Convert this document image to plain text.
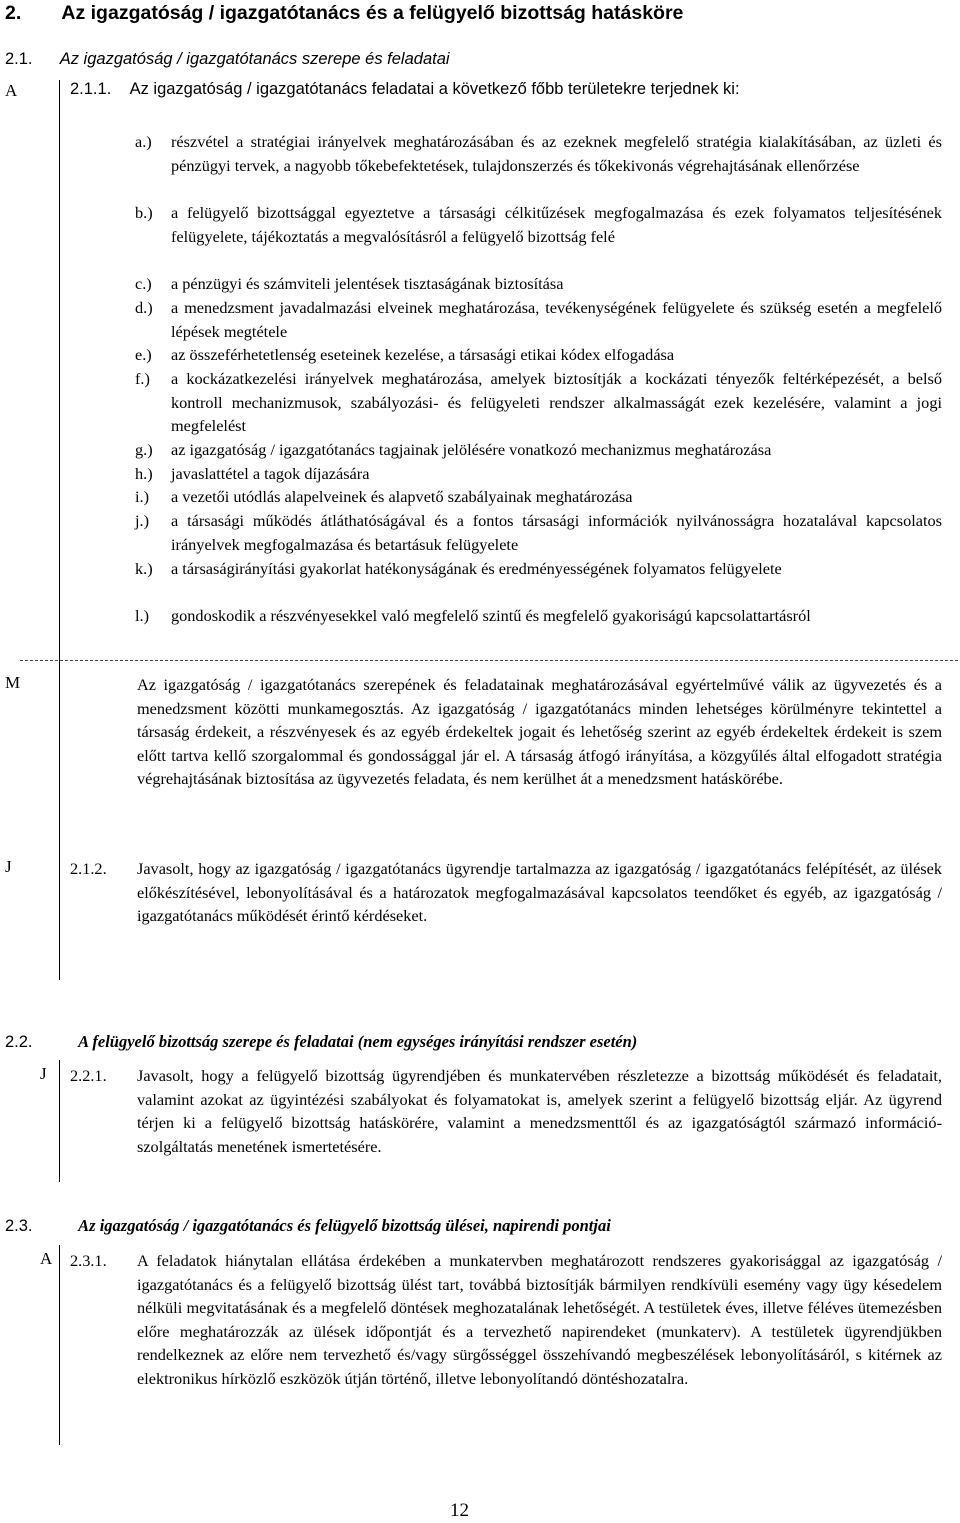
2. Az igazgatóság / igazgatótanács és a felügyelő bizottság hatásköre
2.1. Az igazgatóság / igazgatótanács szerepe és feladatai
A	2.1.1. Az igazgatóság / igazgatótanács feladatai a következő főbb területekre terjednek ki:
a.)	részvétel a stratégiai irányelvek meghatározásában és az ezeknek megfelelő stratégia kialakításában, az üzleti és pénzügyi tervek, a nagyobb tőkebefektetések, tulajdonszerzés és tőkekivonás végrehajtásának ellenőrzése
b.)	a felügyelő bizottsággal egyeztetve a társasági célkitűzések megfogalmazása és ezek folyamatos teljesítésének felügyelete, tájékoztatás a megvalósításról a felügyelő bizottság felé
c.)	a pénzügyi és számviteli jelentések tisztaságának biztosítása
d.)	a menedzsment javadalmazási elveinek meghatározása, tevékenységének felügyelete és szükség esetén a megfelelő lépések megtétele
e.)	az összeférhetetlenség eseteinek kezelése, a társasági etikai kódex elfogadása
f.)	a kockázatkezelési irányelvek meghatározása, amelyek biztosítják a kockázati tényezők feltérképezését, a belső kontroll mechanizmusok, szabályozási- és felügyeleti rendszer alkalmasságát ezek kezelésére, valamint a jogi megfelelést
g.)	az igazgatóság / igazgatótanács tagjainak jelölésére vonatkozó mechanizmus meghatározása
h.)	javaslattétel a tagok díjazására
i.)	a vezetői utódlás alapelveinek és alapvető szabályainak meghatározása
j.)	a társasági működés átláthatóságával és a fontos társasági információk nyilvánosságra hozatalával kapcsolatos irányelvek megfogalmazása és betartásuk felügyelete
k.)	a társaságirányítási gyakorlat hatékonyságának és eredményességének folyamatos felügyelete
l.)	gondoskodik a részvényesekkel való megfelelő szintű és megfelelő gyakoriságú kapcsolattartásról
M	Az igazgatóság / igazgatótanács szerepének és feladatainak meghatározásával egyértelművé válik az ügyvezetés és a menedzsment közötti munkamegosztás. Az igazgatóság / igazgatótanács minden lehetséges körülményre tekintettel a társaság érdekeit, a részvényesek és az egyéb érdekeltek jogait és lehetőség szerint az egyéb érdekeltek érdekeit is szem előtt tartva kellő szorgalommal és gondossággal jár el. A társaság átfogó irányítása, a közgyűlés által elfogadott stratégia végrehajtásának biztosítása az ügyvezetés feladata, és nem kerülhet át a menedzsment hatáskörébe.
J	2.1.2. Javasolt, hogy az igazgatóság / igazgatótanács ügyrendje tartalmazza az igazgatóság / igazgatótanács felépítését, az ülések előkészítésével, lebonyolításával és a határozatok megfogalmazásával kapcsolatos teendőket és egyéb, az igazgatóság / igazgatótanács működését érintő kérdéseket.
2.2.	A felügyelő bizottság szerepe és feladatai (nem egységes irányítási rendszer esetén)
J 2.2.1. Javasolt, hogy a felügyelő bizottság ügyrendjében és munkatervében részletezze a bizottság működését és feladatait, valamint azokat az ügyintézési szabályokat és folyamatokat is, amelyek szerint a felügyelő bizottság eljár. Az ügyrend térjen ki a felügyelő bizottság hatáskörére, valamint a menedzsmenttől és az igazgatóságtól származó információ-szolgáltatás menetének ismertetésére.
2.3.	Az igazgatóság / igazgatótanács és felügyelő bizottság ülései, napirendi pontjai
A 2.3.1. A feladatok hiánytalan ellátása érdekében a munkatervben meghatározott rendszeres gyakorisággal az igazgatóság / igazgatótanács és a felügyelő bizottság ülést tart, továbbá biztosítják bármilyen rendkívüli esemény vagy ügy késedelem nélküli megvitatásának és a megfelelő döntések meghozatalának lehetőségét. A testületek éves, illetve féléves ütemezésben előre meghatározzák az ülések időpontját és a tervezhető napirendeket (munkaterv). A testületek ügyrendjükben rendelkeznek az előre nem tervezhető és/vagy sürgősséggel összehívandó megbeszélések lebonyolításáról, s kitérnek az elektronikus hírközlő eszközök útján történő, illetve lebonyolítandó döntéshozatalra.
12
